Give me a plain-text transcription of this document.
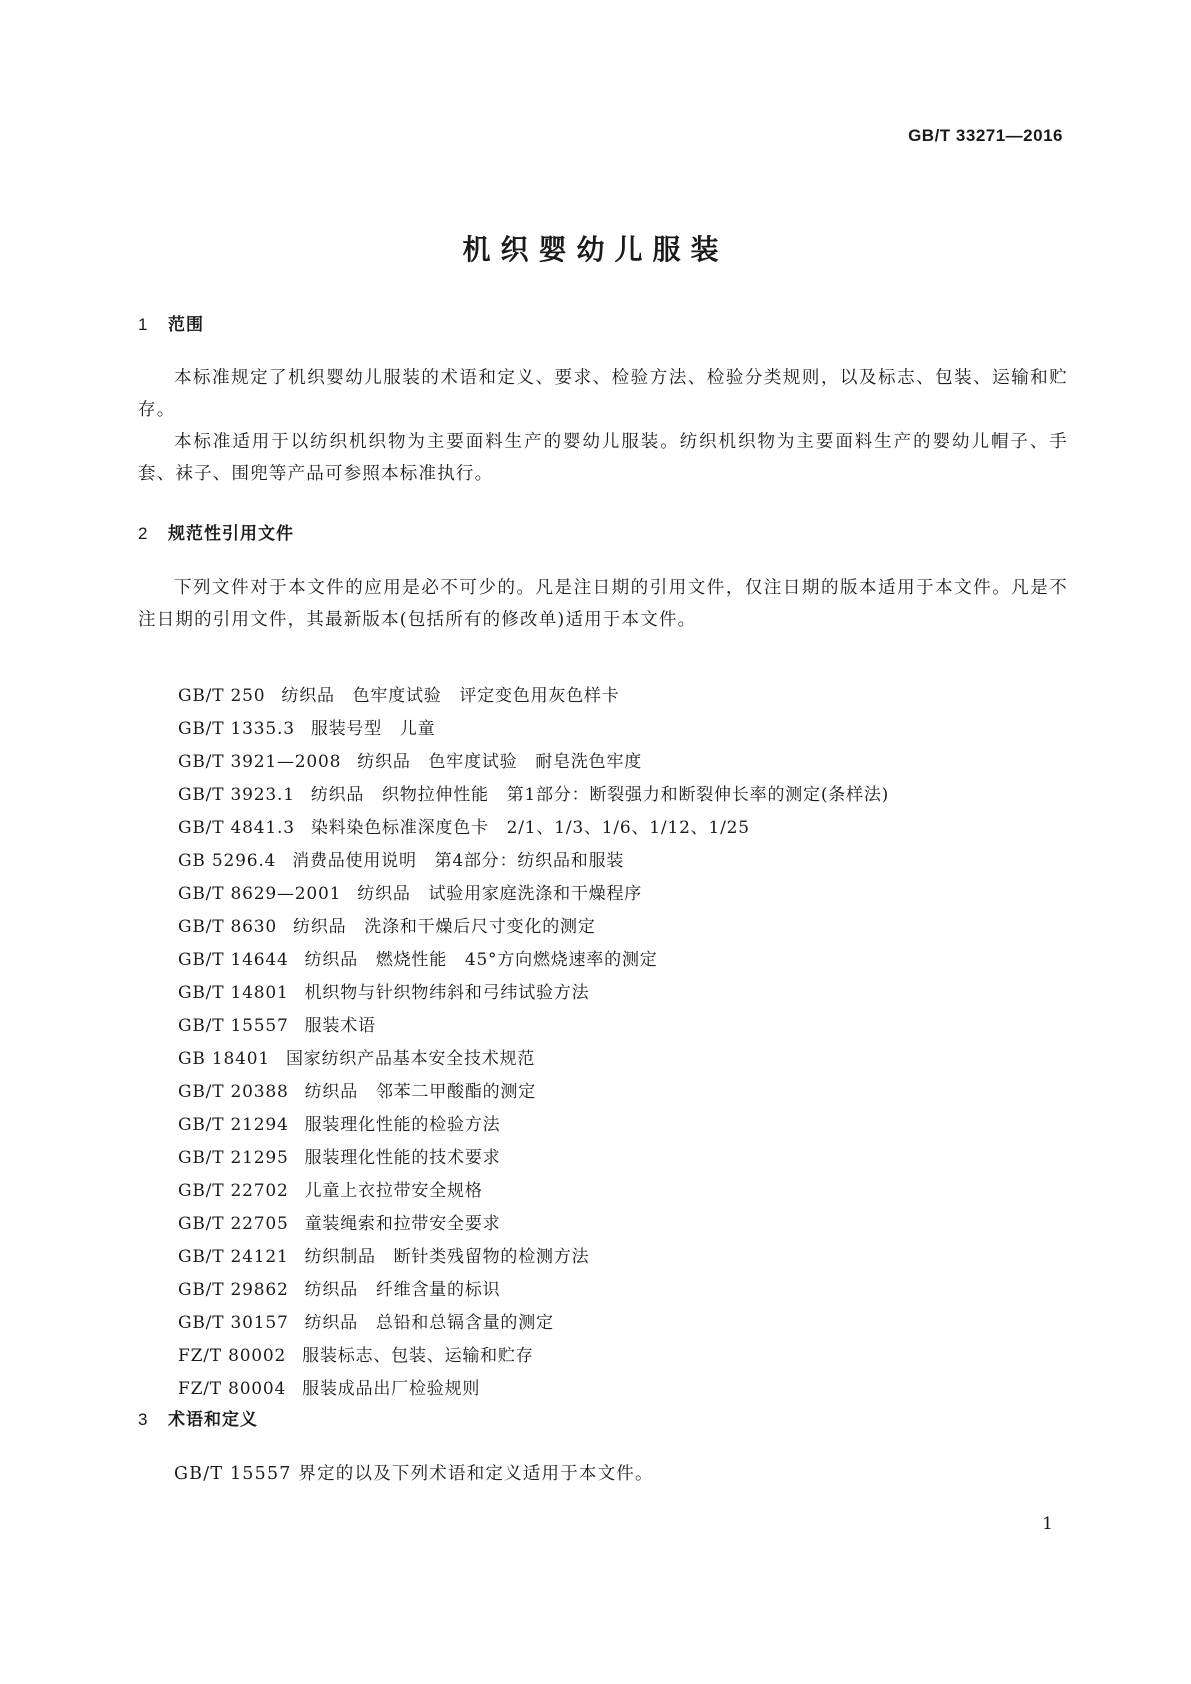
GB/T 33271—2016
机织婴幼儿服装
1 范围

本标准规定了机织婴幼儿服装的术语和定义、要求、检验方法、检验分类规则，以及标志、包装、运输和贮存。

本标准适用于以纺织机织物为主要面料生产的婴幼儿服装。纺织机织物为主要面料生产的婴幼儿帽子、手套、袜子、围兜等产品可参照本标准执行。

2 规范性引用文件

下列文件对于本文件的应用是必不可少的。凡是注日期的引用文件，仅注日期的版本适用于本文件。凡是不注日期的引用文件，其最新版本(包括所有的修改单)适用于本文件。

GB/T 250 纺织品　色牢度试验　评定变色用灰色样卡
GB/T 1335.3 服装号型　儿童
GB/T 3921—2008 纺织品　色牢度试验　耐皂洗色牢度
GB/T 3923.1 纺织品　织物拉伸性能　第1部分：断裂强力和断裂伸长率的测定(条样法)
GB/T 4841.3 染料染色标准深度色卡　2/1、1/3、1/6、1/12、1/25
GB 5296.4 消费品使用说明　第4部分：纺织品和服装
GB/T 8629—2001 纺织品　试验用家庭洗涤和干燥程序
GB/T 8630 纺织品　洗涤和干燥后尺寸变化的测定
GB/T 14644 纺织品　燃烧性能　45°方向燃烧速率的测定
GB/T 14801 机织物与针织物纬斜和弓纬试验方法
GB/T 15557 服装术语
GB 18401 国家纺织产品基本安全技术规范
GB/T 20388 纺织品　邻苯二甲酸酯的测定
GB/T 21294 服装理化性能的检验方法
GB/T 21295 服装理化性能的技术要求
GB/T 22702 儿童上衣拉带安全规格
GB/T 22705 童装绳索和拉带安全要求
GB/T 24121 纺织制品　断针类残留物的检测方法
GB/T 29862 纺织品　纤维含量的标识
GB/T 30157 纺织品　总铅和总镉含量的测定
FZ/T 80002 服装标志、包装、运输和贮存
FZ/T 80004 服装成品出厂检验规则
3 术语和定义

GB/T 15557 界定的以及下列术语和定义适用于本文件。

1
